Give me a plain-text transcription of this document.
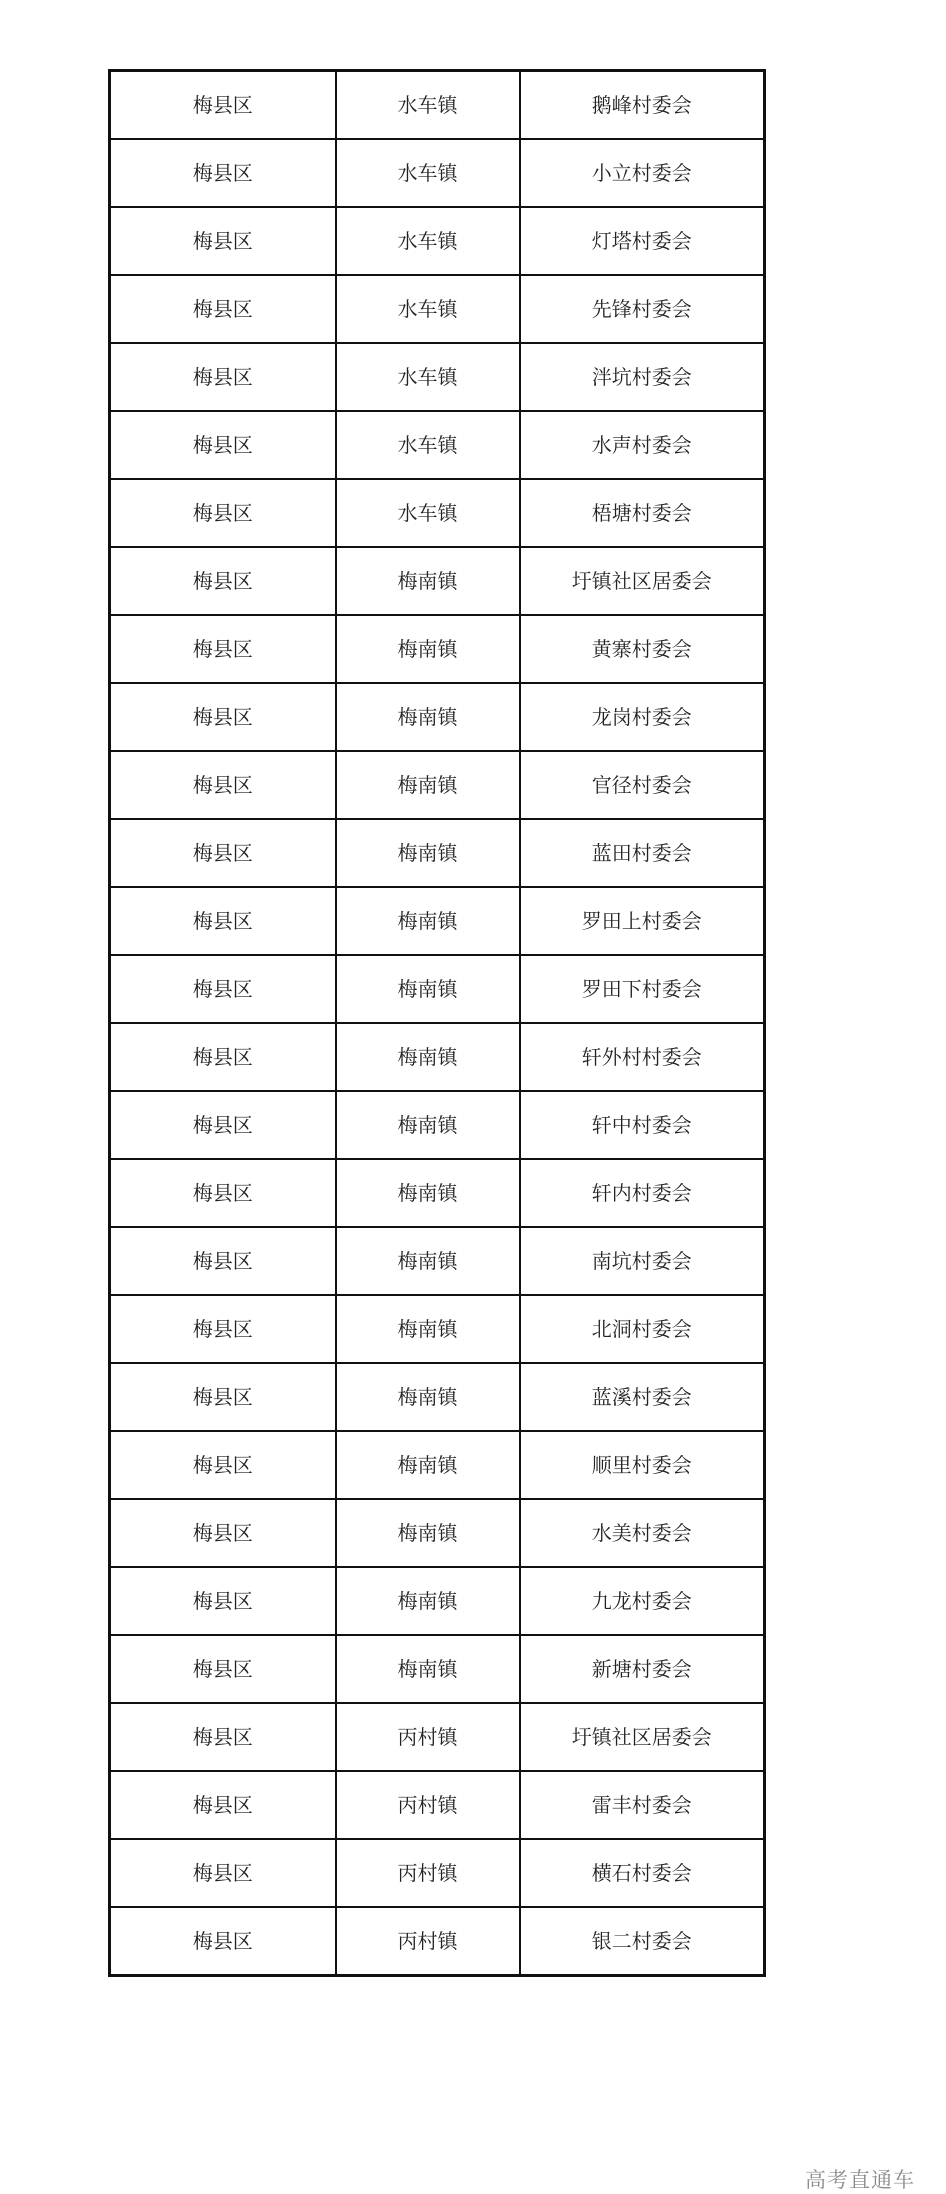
梅县区	水车镇	鹅峰村委会
梅县区	水车镇	小立村委会
梅县区	水车镇	灯塔村委会
梅县区	水车镇	先锋村委会
梅县区	水车镇	泮坑村委会
梅县区	水车镇	水声村委会
梅县区	水车镇	梧塘村委会
梅县区	梅南镇	圩镇社区居委会
梅县区	梅南镇	黄寨村委会
梅县区	梅南镇	龙岗村委会
梅县区	梅南镇	官径村委会
梅县区	梅南镇	蓝田村委会
梅县区	梅南镇	罗田上村委会
梅县区	梅南镇	罗田下村委会
梅县区	梅南镇	轩外村村委会
梅县区	梅南镇	轩中村委会
梅县区	梅南镇	轩内村委会
梅县区	梅南镇	南坑村委会
梅县区	梅南镇	北洞村委会
梅县区	梅南镇	蓝溪村委会
梅县区	梅南镇	顺里村委会
梅县区	梅南镇	水美村委会
梅县区	梅南镇	九龙村委会
梅县区	梅南镇	新塘村委会
梅县区	丙村镇	圩镇社区居委会
梅县区	丙村镇	雷丰村委会
梅县区	丙村镇	横石村委会
梅县区	丙村镇	银二村委会
高考直通车
